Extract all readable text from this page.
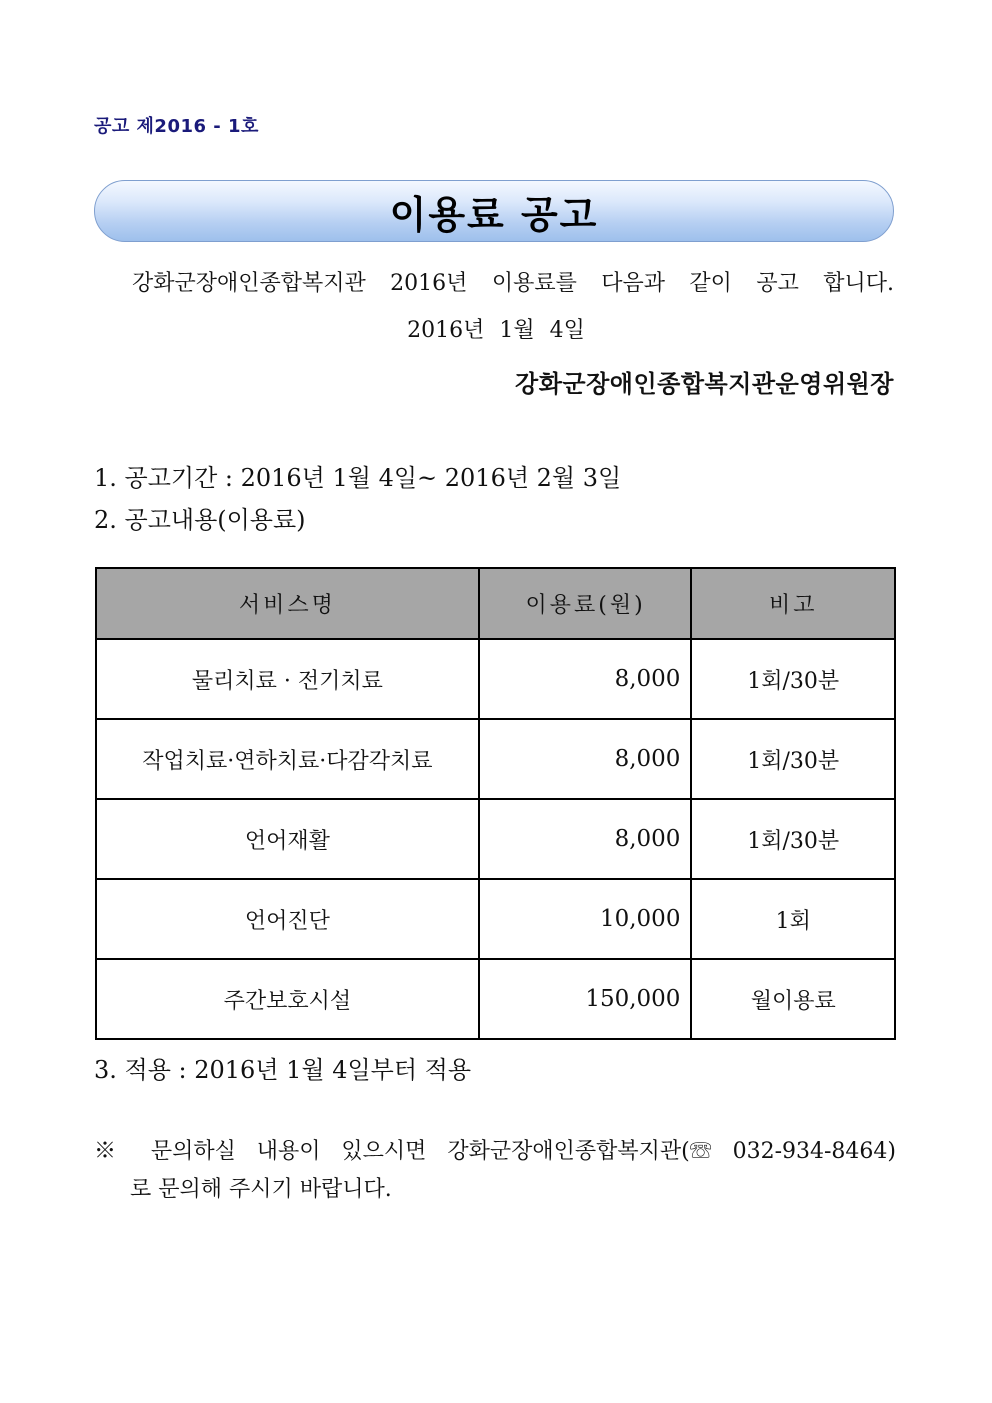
공고 제2016 - 1호
이용료 공고
강화군장애인종합복지관 2016년 이용료를 다음과 같이 공고 합니다.
2016년 1월 4일
강화군장애인종합복지관운영위원장
1. 공고기간 : 2016년 1월 4일~ 2016년 2월 3일
2. 공고내용(이용료)
서비스명	이용료(원)	비고
물리치료 · 전기치료	8,000	1회/30분
작업치료·연하치료·다감각치료	8,000	1회/30분
언어재활	8,000	1회/30분
언어진단	10,000	1회
주간보호시설	150,000	월이용료
3. 적용 : 2016년 1월 4일부터 적용
※ 문의하실 내용이 있으시면 강화군장애인종합복지관(☏ 032-934-8464)
로 문의해 주시기 바랍니다.
